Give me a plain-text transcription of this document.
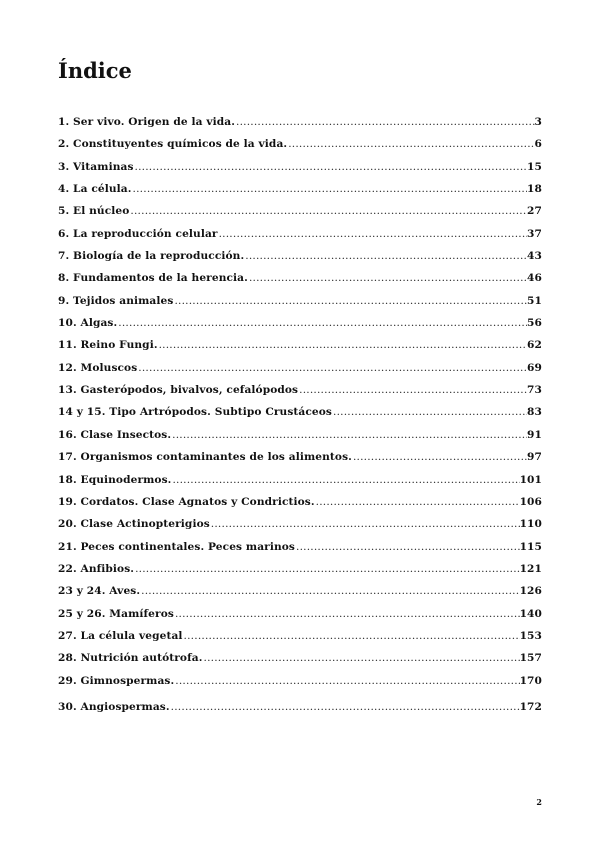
Índice
1. Ser vivo. Origen de la vida. .....	3
2. Constituyentes químicos de la vida. .....	6
3. Vitaminas .....	15
4. La célula. .....	18
5. El núcleo .....	27
6. La reproducción celular .....	37
7. Biología de la reproducción. .....	43
8. Fundamentos de la herencia. .....	46
9. Tejidos animales .....	51
10. Algas. .....	56
11. Reino Fungi. .....	62
12. Moluscos .....	69
13. Gasterópodos, bivalvos, cefalópodos .....	73
14 y 15. Tipo Artrópodos. Subtipo Crustáceos .....	83
16. Clase Insectos. .....	91
17. Organismos contaminantes de los alimentos. .....	97
18. Equinodermos. .....	101
19. Cordatos. Clase Agnatos y Condrictios. .....	106
20. Clase Actinopterigios .....	110
21. Peces continentales. Peces marinos .....	115
22. Anfibios. .....	121
23 y 24. Aves. .....	126
25 y 26. Mamíferos .....	140
27. La célula vegetal .....	153
28. Nutrición autótrofa. .....	157
29. Gimnospermas. .....	170
30. Angiospermas. .....	172
2
